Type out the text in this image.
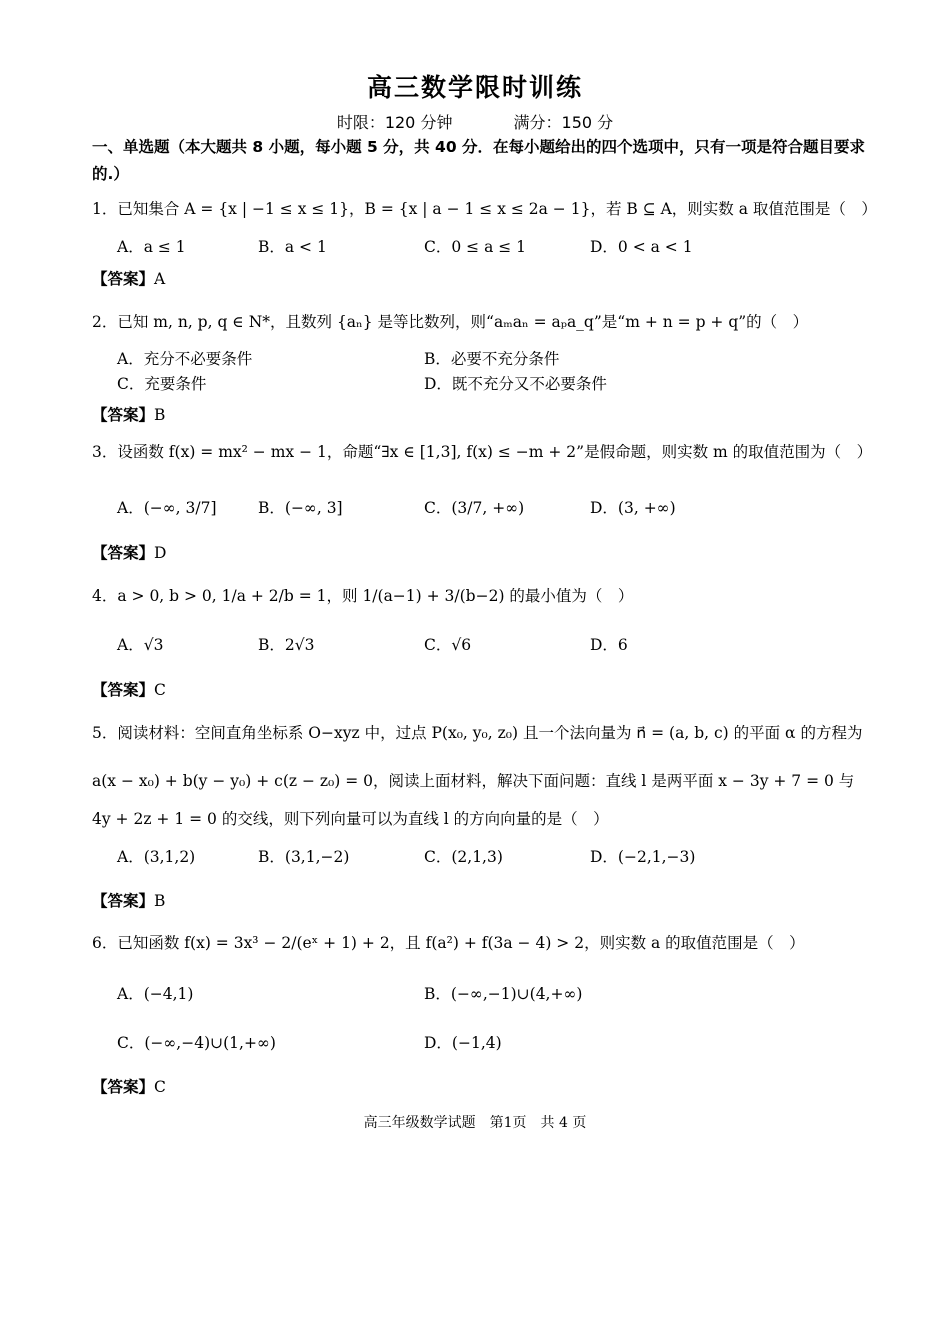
高三数学限时训练
时限：120 分钟	满分：150 分
一、单选题（本大题共 8 小题，每小题 5 分，共 40 分．在每小题给出的四个选项中，只有一项是符合题目要求的.）
1．已知集合 A = {x | −1 ≤ x ≤ 1}，B = {x | a − 1 ≤ x ≤ 2a − 1}，若 B ⊆ A，则实数 a 取值范围是（　）
A．a ≤ 1	B．a < 1	C．0 ≤ a ≤ 1	D．0 < a < 1
【答案】A
2．已知 m, n, p, q ∈ N*，且数列 {aₙ} 是等比数列，则“aₘaₙ = aₚa_q”是“m + n = p + q”的（　）
A．充分不必要条件	B．必要不充分条件
C．充要条件	D．既不充分又不必要条件
【答案】B
3．设函数 f(x) = mx² − mx − 1，命题“∃x ∈ [1,3], f(x) ≤ −m + 2”是假命题，则实数 m 的取值范围为（　）
A．(−∞, 3/7]	B．(−∞, 3]	C．(3/7, +∞)	D．(3, +∞)
【答案】D
4．a > 0, b > 0, 1/a + 2/b = 1，则 1/(a−1) + 3/(b−2) 的最小值为（　）
A．√3	B．2√3	C．√6	D．6
【答案】C
5．阅读材料：空间直角坐标系 O−xyz 中，过点 P(x₀, y₀, z₀) 且一个法向量为 n⃗ = (a, b, c) 的平面 α 的方程为
a(x − x₀) + b(y − y₀) + c(z − z₀) = 0，阅读上面材料，解决下面问题：直线 l 是两平面 x − 3y + 7 = 0 与
4y + 2z + 1 = 0 的交线，则下列向量可以为直线 l 的方向向量的是（　）
A．(3,1,2)	B．(3,1,−2)	C．(2,1,3)	D．(−2,1,−3)
【答案】B
6．已知函数 f(x) = 3x³ − 2/(eˣ + 1) + 2，且 f(a²) + f(3a − 4) > 2，则实数 a 的取值范围是（　）
A．(−4,1)	B．(−∞,−1)∪(4,+∞)
C．(−∞,−4)∪(1,+∞)	D．(−1,4)
【答案】C
高三年级数学试题　第1页　共 4 页
